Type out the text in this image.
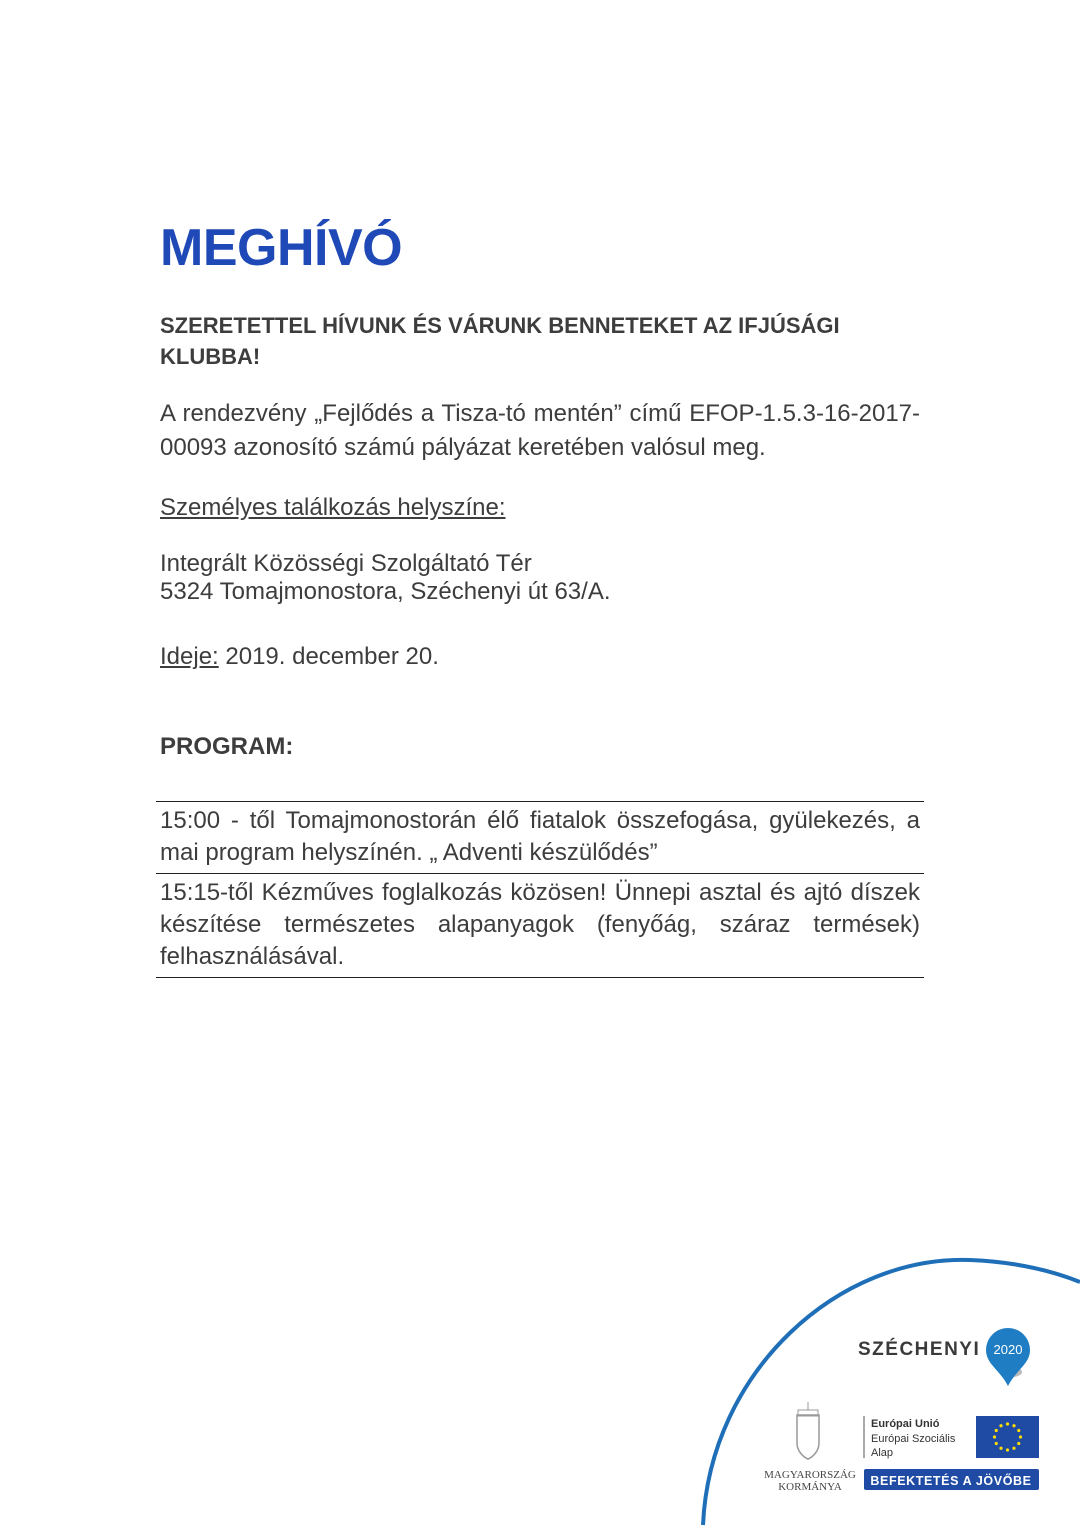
MEGHÍVÓ
SZERETETTEL HÍVUNK ÉS VÁRUNK BENNETEKET AZ IFJÚSÁGI KLUBBA!
A rendezvény „Fejlődés a Tisza-tó mentén” című EFOP-1.5.3-16-2017-00093 azonosító számú pályázat keretében valósul meg.
Személyes találkozás helyszíne:
Integrált Közösségi Szolgáltató Tér
5324 Tomajmonostora, Széchenyi út 63/A.
Ideje: 2019. december 20.
PROGRAM:
15:00 - től Tomajmonostorán élő fiatalok összefogása, gyülekezés, a mai program helyszínén. „ Adventi készülődés”
15:15-től Kézműves foglalkozás közösen! Ünnepi asztal és ajtó díszek készítése természetes alapanyagok (fenyőág, száraz termések) felhasználásával.
SZÉCHENYI 2020
MAGYARORSZÁG
KORMÁNYA
Európai Unió
Európai Szociális
Alap
BEFEKTETÉS A JÖVŐBE
